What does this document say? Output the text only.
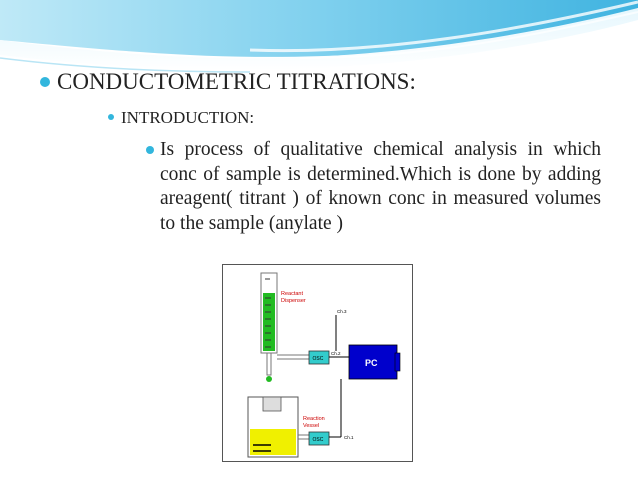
CONDUCTOMETRIC TITRATIONS:
INTRODUCTION:
Is process of qualitative chemical analysis in which conc of sample is determined.Which is done by adding areagent( titrant ) of known conc in measured volumes to the sample (anylate )
Reactant
Dispenser
OSC
Ch.2
PC
Ch.3
Reaction
Vessel
OSC	Ch.1
